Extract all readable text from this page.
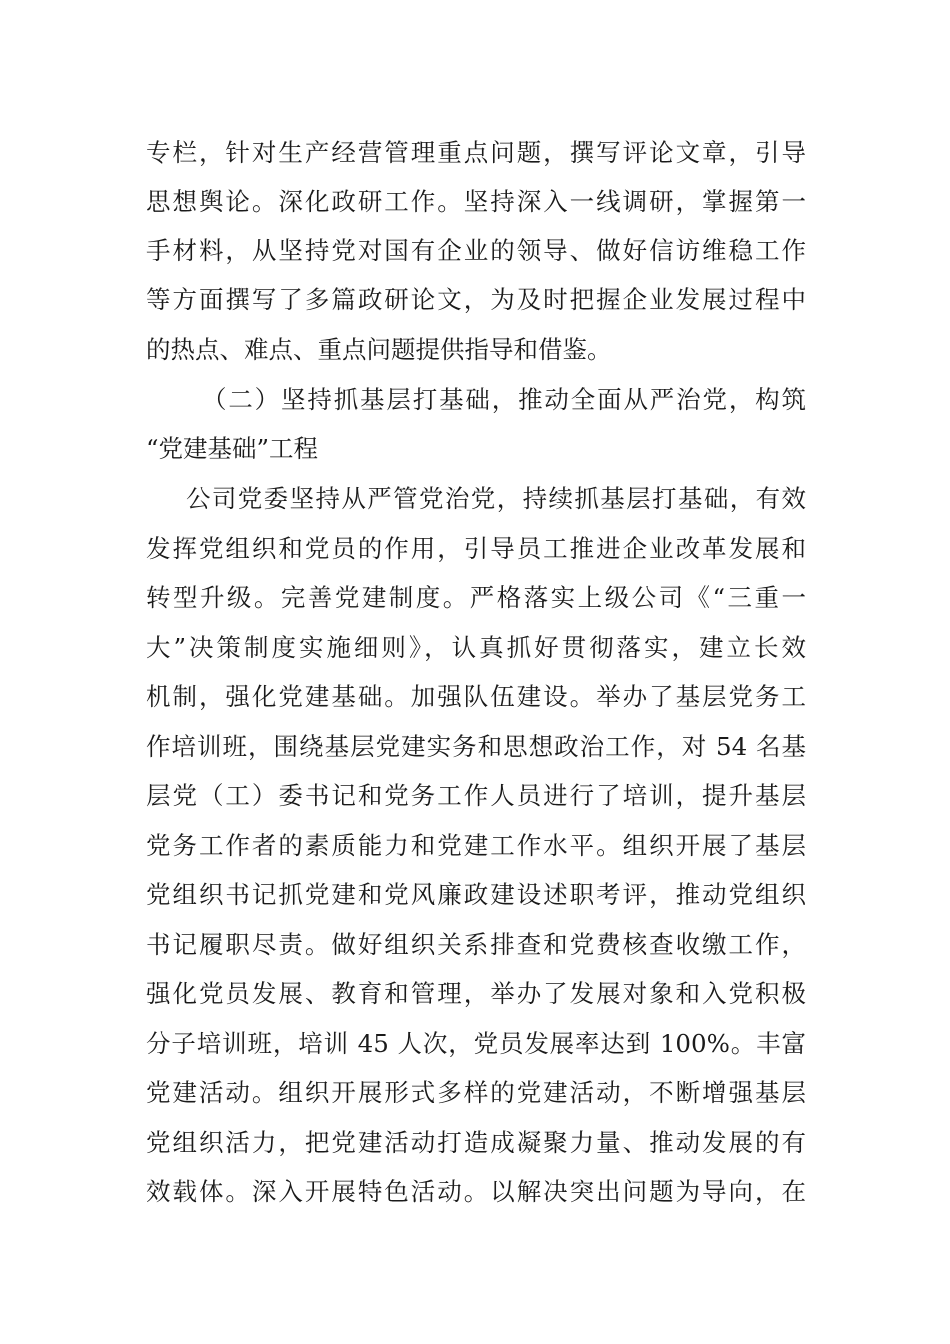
专栏，针对生产经营管理重点问题，撰写评论文章，引导
思想舆论。深化政研工作。坚持深入一线调研，掌握第一
手材料，从坚持党对国有企业的领导、做好信访维稳工作
等方面撰写了多篇政研论文，为及时把握企业发展过程中
的热点、难点、重点问题提供指导和借鉴。
（二）坚持抓基层打基础，推动全面从严治党，构筑
“党建基础”工程
公司党委坚持从严管党治党，持续抓基层打基础，有效
发挥党组织和党员的作用，引导员工推进企业改革发展和
转型升级。完善党建制度。严格落实上级公司《“三重一
大”决策制度实施细则》，认真抓好贯彻落实，建立长效
机制，强化党建基础。加强队伍建设。举办了基层党务工
作培训班，围绕基层党建实务和思想政治工作，对 54 名基
层党（工）委书记和党务工作人员进行了培训，提升基层
党务工作者的素质能力和党建工作水平。组织开展了基层
党组织书记抓党建和党风廉政建设述职考评，推动党组织
书记履职尽责。做好组织关系排查和党费核查收缴工作，
强化党员发展、教育和管理，举办了发展对象和入党积极
分子培训班，培训 45 人次，党员发展率达到 100%。丰富
党建活动。组织开展形式多样的党建活动，不断增强基层
党组织活力，把党建活动打造成凝聚力量、推动发展的有
效载体。深入开展特色活动。以解决突出问题为导向，在
